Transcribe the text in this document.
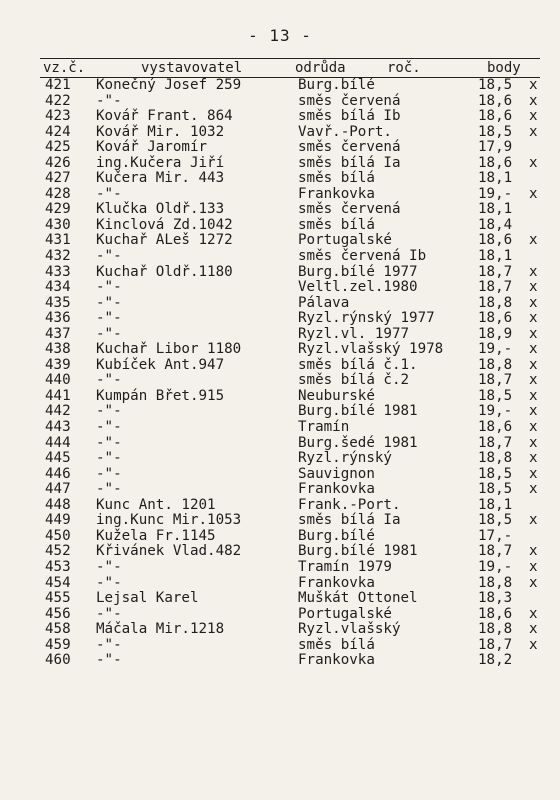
- 13 -
vz.č.	vystavovatel	odrůda	roč.	body
421 Konečný Josef 259	Burg.bílé	18,5	x
422 -"-	směs červená	18,6	x
423 Kovář Frant. 864	směs bílá Ib	18,6	x
424 Kovář Mir. 1032	Vavř.-Port.	18,5	x
425 Kovář Jaromír	směs červená	17,9
426 ing.Kučera Jiří	směs bílá Ia	18,6	x
427 Kučera Mir. 443	směs bílá	18,1
428 -"-	Frankovka	19,-	x
429 Klučka Oldř.133	směs červená	18,1
430 Kinclová Zd.1042	směs bílá	18,4
431 Kuchař ALeš 1272	Portugalské	18,6	x
432 -"-	směs červená Ib	18,1
433 Kuchař Oldř.1180	Burg.bílé 1977	18,7	x
434 -"-	Veltl.zel.1980	18,7	x
435 -"-	Pálava	18,8	x
436 -"-	Ryzl.rýnský 1977	18,6	x
437 -"-	Ryzl.vl. 1977	18,9	x
438 Kuchař Libor 1180	Ryzl.vlašský 1978 19,-	x
439 Kubíček Ant.947	směs bílá č.1.	18,8	x
440 -"-	směs bílá č.2	18,7	x
441 Kumpán Břet.915	Neuburské	18,5	x
442 -"-	Burg.bílé 1981	19,-	x
443 -"-	Tramín	18,6	x
444 -"-	Burg.šedé 1981	18,7	x
445 -"-	Ryzl.rýnský	18,8	x
446 -"-	Sauvignon	18,5	x
447 -"-	Frankovka	18,5	x
448 Kunc Ant. 1201	Frank.-Port.	18,1
449 ing.Kunc Mir.1053	směs bílá Ia	18,5	x
450 Kužela Fr.1145	Burg.bílé	17,-
452 Křivánek Vlad.482	Burg.bílé 1981	18,7	x
453 -"-	Tramín 1979	19,-	x
454 -"-	Frankovka	18,8	x
455 Lejsal Karel	Muškát Ottonel	18,3
456 -"-	Portugalské	18,6	x
458 Máčala Mir.1218	Ryzl.vlašský	18,8	x
459 -"-	směs bílá	18,7	x
460 -"-	Frankovka	18,2
